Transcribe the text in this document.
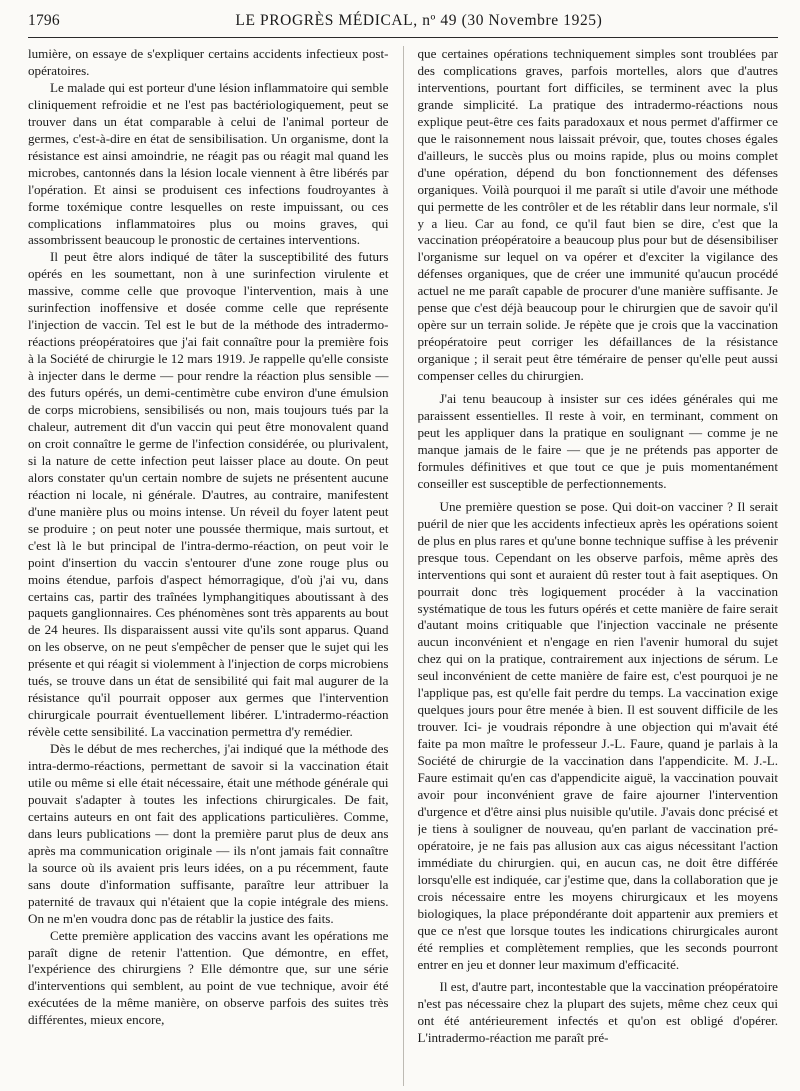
1796	LE PROGRÈS MÉDICAL, nº 49 (30 Novembre 1925)

lumière, on essaye de s'expliquer certains accidents infectieux post-opératoires.

Le malade qui est porteur d'une lésion inflammatoire qui semble cliniquement refroidie et ne l'est pas bactériologiquement, peut se trouver dans un état comparable à celui de l'animal porteur de germes, c'est-à-dire en état de sensibilisation. Un organisme, dont la résistance est ainsi amoindrie, ne réagit pas ou réagit mal quand les microbes, cantonnés dans la lésion locale viennent à être libérés par l'opération. Et ainsi se produisent ces infections foudroyantes à forme toxémique contre lesquelles on reste impuissant, ou ces complications inflammatoires plus ou moins graves, qui assombrissent beaucoup le pronostic de certaines interventions.

Il peut être alors indiqué de tâter la susceptibilité des futurs opérés en les soumettant, non à une surinfection virulente et massive, comme celle que provoque l'intervention, mais à une surinfection inoffensive et dosée comme celle que représente l'injection de vaccin. Tel est le but de la méthode des intradermo-réactions préopératoires que j'ai fait connaître pour la première fois à la Société de chirurgie le 12 mars 1919. Je rappelle qu'elle consiste à injecter dans le derme — pour rendre la réaction plus sensible — des futurs opérés, un demi-centimètre cube environ d'une émulsion de corps microbiens, sensibilisés ou non, mais toujours tués par la chaleur, autrement dit d'un vaccin qui peut être monovalent quand on croit connaître le germe de l'infection considérée, ou plurivalent, si la nature de cette infection peut laisser place au doute. On peut alors constater qu'un certain nombre de sujets ne présentent aucune réaction ni locale, ni générale. D'autres, au contraire, manifestent d'une manière plus ou moins intense. Un réveil du foyer latent peut se produire ; on peut noter une poussée thermique, mais surtout, et c'est là le but principal de l'intra-dermo-réaction, on peut voir le point d'insertion du vaccin s'entourer d'une zone rouge plus ou moins étendue, parfois d'aspect hémorragique, d'où j'ai vu, dans certains cas, partir des traînées lymphangitiques aboutissant à des paquets ganglionnaires. Ces phénomènes sont très apparents au bout de 24 heures. Ils disparaissent aussi vite qu'ils sont apparus. Quand on les observe, on ne peut s'empêcher de penser que le sujet qui les présente et qui réagit si violemment à l'injection de corps microbiens tués, se trouve dans un état de sensibilité qui fait mal augurer de la résistance qu'il pourrait opposer aux germes que l'intervention chirurgicale pourrait éventuellement libérer. L'intradermo-réaction révèle cette sensibilité. La vaccination permettra d'y remédier.

Dès le début de mes recherches, j'ai indiqué que la méthode des intra-dermo-réactions, permettant de savoir si la vaccination était utile ou même si elle était nécessaire, était une méthode générale qui pouvait s'adapter à toutes les infections chirurgicales. De fait, certains auteurs en ont fait des applications particulières. Comme, dans leurs publications — dont la première parut plus de deux ans après ma communication originale — ils n'ont jamais fait connaître la source où ils avaient pris leurs idées, on a pu récemment, faute sans doute d'information suffisante, paraître leur attribuer la paternité de travaux qui n'étaient que la copie intégrale des miens. On ne m'en voudra donc pas de rétablir la justice des faits.

Cette première application des vaccins avant les opérations me paraît digne de retenir l'attention. Que démontre, en effet, l'expérience des chirurgiens ? Elle démontre que, sur une série d'interventions qui semblent, au point de vue technique, avoir été exécutées de la même manière, on observe parfois des suites très différentes, mieux encore,

que certaines opérations techniquement simples sont troublées par des complications graves, parfois mortelles, alors que d'autres interventions, pourtant fort difficiles, se terminent avec la plus grande simplicité. La pratique des intradermo-réactions nous explique peut-être ces faits paradoxaux et nous permet d'affirmer ce que le raisonnement nous laissait prévoir, que, toutes choses égales d'ailleurs, le succès plus ou moins rapide, plus ou moins complet d'une opération, dépend du bon fonctionnement des défenses organiques. Voilà pourquoi il me paraît si utile d'avoir une méthode qui permette de les contrôler et de les rétablir dans leur normale, s'il y a lieu. Car au fond, ce qu'il faut bien se dire, c'est que la vaccination préopératoire a beaucoup plus pour but de désensibiliser l'organisme sur lequel on va opérer et d'exciter la vigilance des défenses organiques, que de créer une immunité qu'aucun procédé actuel ne me paraît capable de procurer d'une manière suffisante. Je pense que c'est déjà beaucoup pour le chirurgien que de savoir qu'il opère sur un terrain solide. Je répète que je crois que la vaccination préopératoire peut corriger les défaillances de la résistance organique ; il serait peut être téméraire de penser qu'elle peut aussi compenser celles du chirurgien.

J'ai tenu beaucoup à insister sur ces idées générales qui me paraissent essentielles. Il reste à voir, en terminant, comment on peut les appliquer dans la pratique en soulignant — comme je ne manque jamais de le faire — que je ne prétends pas apporter de formules définitives et que tout ce que je puis momentanément conseiller est susceptible de perfectionnements.

Une première question se pose. Qui doit-on vacciner ? Il serait puéril de nier que les accidents infectieux après les opérations soient de plus en plus rares et qu'une bonne technique suffise à les prévenir presque tous. Cependant on les observe parfois, même après des interventions qui sont et auraient dû rester tout à fait aseptiques. On pourrait donc très logiquement procéder à la vaccination systématique de tous les futurs opérés et cette manière de faire serait d'autant moins critiquable que l'injection vaccinale ne présente aucun inconvénient et n'engage en rien l'avenir humoral du sujet chez qui on la pratique, contrairement aux injections de sérum. Le seul inconvénient de cette manière de faire est, c'est pourquoi je ne l'applique pas, est qu'elle fait perdre du temps. La vaccination exige quelques jours pour être menée à bien. Il est souvent difficile de les trouver. Ici- je voudrais répondre à une objection qui m'avait été faite pa mon maître le professeur J.-L. Faure, quand je parlais à la Société de chirurgie de la vaccination dans l'appendicite. M. J.-L. Faure estimait qu'en cas d'appendicite aiguë, la vaccination pouvait avoir pour inconvénient grave de faire ajourner l'intervention d'urgence et d'être ainsi plus nuisible qu'utile. J'avais donc précisé et je tiens à souligner de nouveau, qu'en parlant de vaccination pré-opératoire, je ne fais pas allusion aux cas aigus nécessitant l'action immédiate du chirurgien. qui, en aucun cas, ne doit être différée lorsqu'elle est indiquée, car j'estime que, dans la collaboration que je crois nécessaire entre les moyens chirurgicaux et les moyens biologiques, la place prépondérante doit appartenir aux premiers et que ce n'est que lorsque toutes les indications chirurgicales auront été remplies et complètement remplies, que les seconds pourront entrer en jeu et donner leur maximum d'efficacité.

Il est, d'autre part, incontestable que la vaccination préopératoire n'est pas nécessaire chez la plupart des sujets, même chez ceux qui ont été antérieurement infectés et qu'on est obligé d'opérer. L'intradermo-réaction me paraît pré-
